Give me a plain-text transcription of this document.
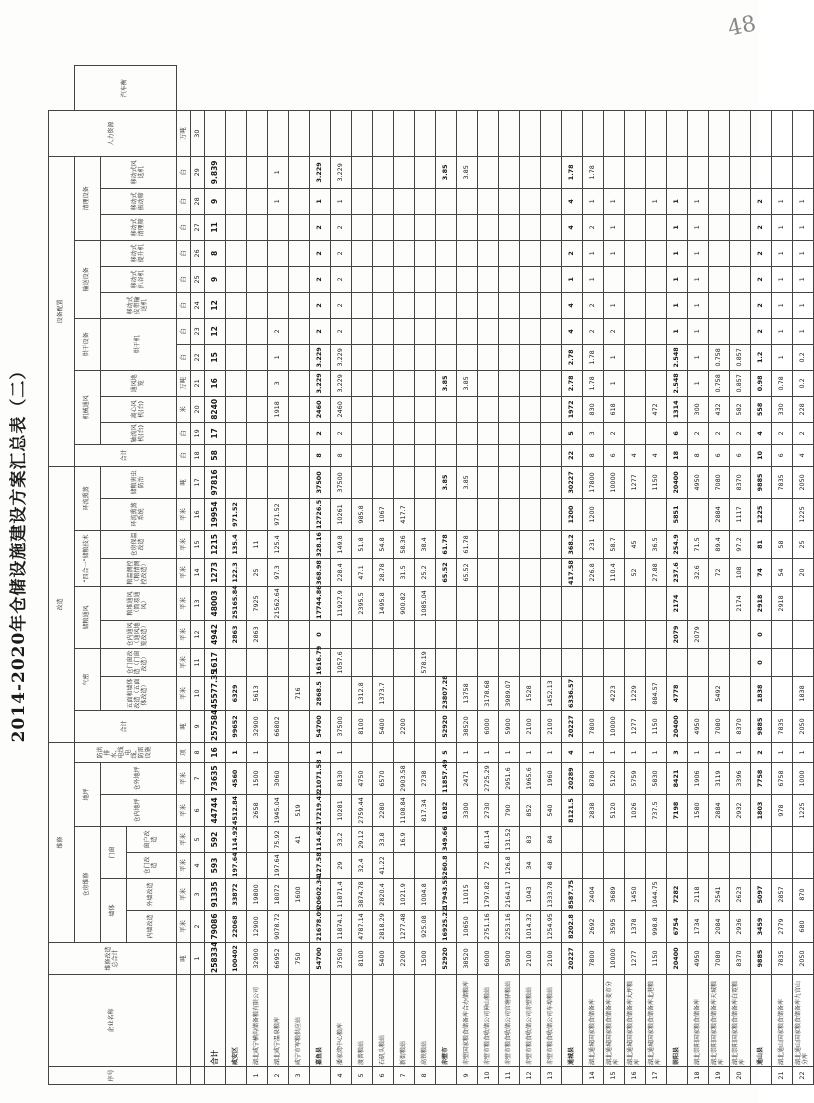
48
2014-2020年仓储设施建设方案汇总表（二）
序号	企业名称	维修改造总合计	维修							改造									设备配置												人力资源	
			仓房维修				地坪		防洪排水、电线电线、防雷设施	合计	气密		储粮通风		“四合一”储粮技术		环流熏蒸		合计	机械通风			烘干设备		输送设备			清理设备				汽车衡
			墙体		门窗		仓内地坪	仓外地坪			五面和墙体改造（五面体改造）	仓门窗改造（门窗改造）	仓内通风（通风地笼改造）	粮堆通风（简易通风）	粮温测控（粮情测控改造）	仓房保温改造	环流熏蒸系统	储粮害虫防治		轴流风机(台)	离心风机(台)	通风地笼	烘干机		移动式皮带输送机	移动式扒谷机	移动式提升机	移动式清理筛	移动式振动筛	移动式风选机		
			内墙改造	外墙改造	仓门改造	窗户改造																										
		吨	平米	平米	平米	平米	平米	平米	项	吨	平米	平米	平米	平米	平米	平米	平米	吨	台	台	米	万吨	台	台	台	台	台	台	台	台	万吨	
		1	2	3	4	5	6	7	8	9	10	11	12	13	14	15	16	17	18	19	20	21	22	23	24	25	26	27	28	29	30	
	合计	258334	79086	91335	593	592	44744	73635	16	257584	45577.35	1617	4942	48003	1273	1215	19954	97816	58	17	8240	16	15	12	12	9	8	11	9	9.839		
	咸安区	100402	22068	33872	197.64	114.92	4512.84	4560	1	99652	6329		2863	25165.84	122.3	135.4	971.52															
1	湖北咸宁横沟储备粮有限公司	32900	12900	19800			2658	1500	1	32900	5613		2863	7925	25	11																
2	湖北咸宁温泉粮库	66952	9078.72	18072	197.64	75.92	1945.04	3060		66802				21562.64	97.3	125.4	971.52				1918	3	1	2					1	1		
3	咸宁市军粮供应站	750		1600		41	519				716																					
	嘉鱼县	54700	21678.09	20602.34	127.58	114.62	17219.42	21071.58	1	54700	2868.5	1616.79	0	17744.86	368.98	328.16	12726.5	37500	8	2	2460	3.229	3.229	2	2	2	2	2	1	3.229		
4	潘家湾中心粮库	37500	11874.1	11871.4	29	33.2	10281	8130	1	37500		1057.6		11927.9	228.4	149.8	10261	37500	8	2	2460	3.229	3.229	2	2	2	2	2	1	3.229		
5	渡普粮站	8100	4787.14	3874.78	32.4	29.12	2759.44	4750		8100	1312.8			2395.5	47.1	51.8	985.8															
6	石矶头粮站	5400	2818.29	2820.4	41.22	33.8	2280	6570		5400	1373.7			1495.8	28.78	54.8	1067															
7	新街粮站	2200	1277.48	1021.9		16.9	1108.84	2903.58		2200				900.82	31.5	58.36	417.7															
8	高铁粮站	1500	925.08	1004.8			817.34	2738				578.19		1085.04	25.2	38.4																
	赤壁市	52920	16925.22	17943.55	260.8	349.66	6182	11857.49	5	52920	23807.28				65.52	61.78		3.85				3.85								3.85		
9	赤壁国家粮食储备库合办储粮库	38520	10650	11015			3300	2471	1	38520	13758				65.52	61.78		3.85				3.85								3.85		
10	赤壁市粮食收储公司神山粮站	6000	2751.16	1797.82	72	81.14	2730	2725.29	1	6000	3178.68																					
11	赤壁市粮食收储公司官塘驿粮站	5900	2253.16	2164.17	126.8	131.52	790	2951.6	1	5900	3989.07																					
12	赤壁市粮食收储公司赤壁粮站	2100	1014.32	1043	34	83	852	1965.6	1	2100	1528																					
13	赤壁市粮食收储公司车埠粮站	2100	1254.95	1333.78	48	84	540	1960	1	2100	1452.13																					
	通城县	20227	8202.8	8587.75			8121.5	20289	4	20227	6336.57				417.58	368.2	1200	30227	22	5	1972	2.78	2.78	4	4	1	2	4	4	1.78		
14	湖北通城国家粮食储备库	7800	2692	2404			2838	8780	1	7800					226.8	231	1200	17800	8	3	830	1.78	1.78	2	2	1	1	2	1	1.78		
15	湖北通城国家粮食储备库麦市分库	10000	3595	3689			5120	5120	1	10000	4223				110.4	58.7		10000	6	2	618	1	1	2	1		1	1	1			
16	湖北通城国家粮食储备库大坪粮库	1277	1378	1450			1026	5759	1	1277	1229				52	45		1277	4													
17	湖北通城国家粮食储备库北港粮库	1150	998.8	1044.75			737.5	5830	1	1150	884.57				27.88	36.5		1150	4		472								1			
	崇阳县	20400	6754	7282			7198	8421	3	20400	4778		2079	2174	237.6	254.9	5851	20400	18	6	1314	2.548	2.548	1	1	1	1	1	1			
18	湖北崇阳国家粮食储备库	4950	1734	2118			1580	1906	1	4950			2079		32.6	71.5		4950	8	2	300	1	1	1	1	1	1	1	1			
19	湖北崇阳国家粮食储备库天城粮库	7080	2084	2541			2884	3119	1	7080	5492				72	89.4	2884	7080	6	2	432	0.758	0.758									
20	湖北崇阳国家粮食储备库白霓粮库	8370	2936	2623			2932	3396	1	8370				2174	108	97.2	1117	8370	6	2	582	0.857	0.857									
	通山县	9885	3459	5097			1803	7758	2	9885	1838	0	0	2918	74	81	1225	9885	10	4	558	0.98	1.2	2	2	2	2	2	2			
21	湖北通山国家粮食储备库	7835	2779	2857			978	6758	1	7835				2918	54	58		7835	6	2	330	0.78	1	1	1	1	1	1	1			
22	湖北通山国家粮食储备库九宫山分库	2050	680	870			1225	1000	1	2050	1838				20	25	1225	2050	4	2	228	0.2	0.2	1	1	1	1	1	1			
